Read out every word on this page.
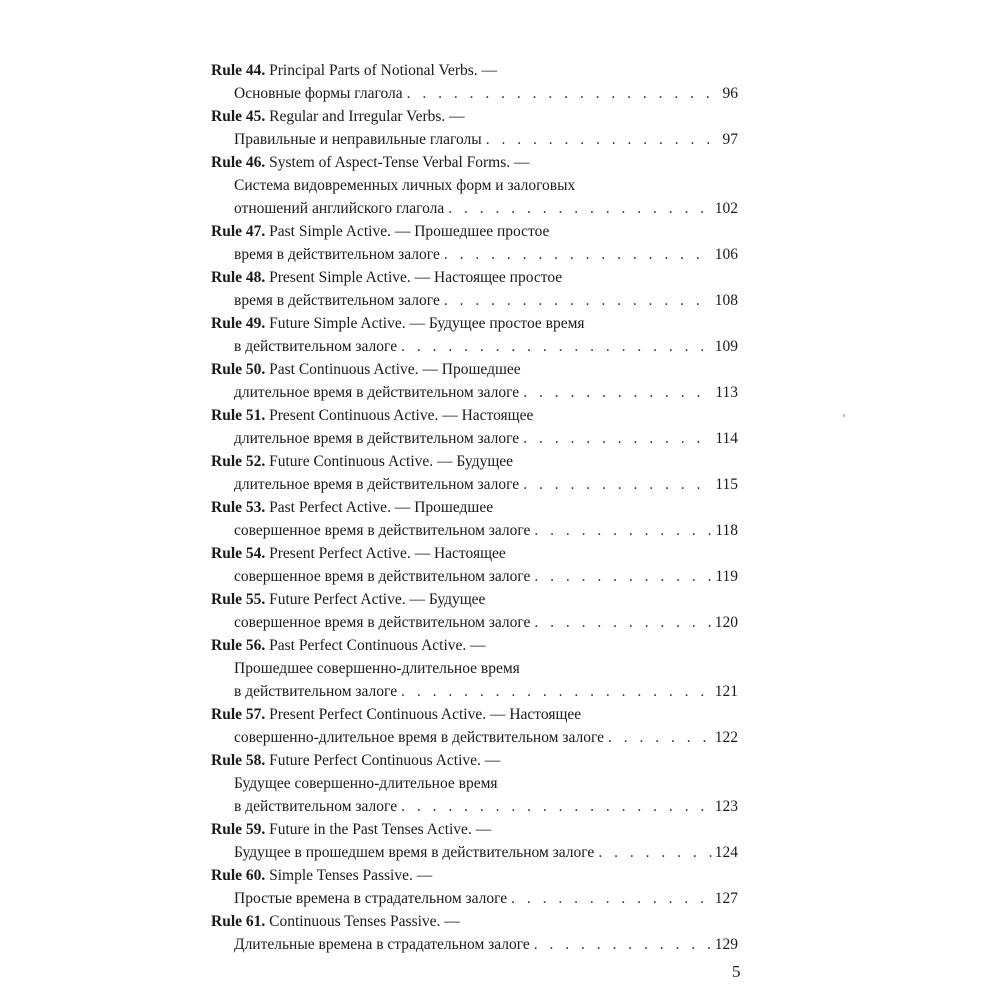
Rule 44. Principal Parts of Notional Verbs. —
Основные формы глагола . . .	96
Rule 45. Regular and Irregular Verbs. —
Правильные и неправильные глаголы . . .	97
Rule 46. System of Aspect-Tense Verbal Forms. —
Система видовременных личных форм и залоговых
отношений английского глагола . . .	102
Rule 47. Past Simple Active. — Прошедшее простое
время в действительном залоге . . .	106
Rule 48. Present Simple Active. — Настоящее простое
время в действительном залоге . . .	108
Rule 49. Future Simple Active. — Будущее простое время
в действительном залоге . . .	109
Rule 50. Past Continuous Active. — Прошедшее
длительное время в действительном залоге . . .	113
Rule 51. Present Continuous Active. — Настоящее
длительное время в действительном залоге . . .	114
Rule 52. Future Continuous Active. — Будущее
длительное время в действительном залоге . . .	115
Rule 53. Past Perfect Active. — Прошедшее
совершенное время в действительном залоге . . .	118
Rule 54. Present Perfect Active. — Настоящее
совершенное время в действительном залоге . . .	119
Rule 55. Future Perfect Active. — Будущее
совершенное время в действительном залоге . . .	120
Rule 56. Past Perfect Continuous Active. —
Прошедшее совершенно-длительное время
в действительном залоге . . .	121
Rule 57. Present Perfect Continuous Active. — Настоящее
совершенно-длительное время в действительном залоге . . .	122
Rule 58. Future Perfect Continuous Active. —
Будущее совершенно-длительное время
в действительном залоге . . .	123
Rule 59. Future in the Past Tenses Active. —
Будущее в прошедшем время в действительном залоге . . .	124
Rule 60. Simple Tenses Passive. —
Простые времена в страдательном залоге . . .	127
Rule 61. Continuous Tenses Passive. —
Длительные времена в страдательном залоге . . .	129
5
